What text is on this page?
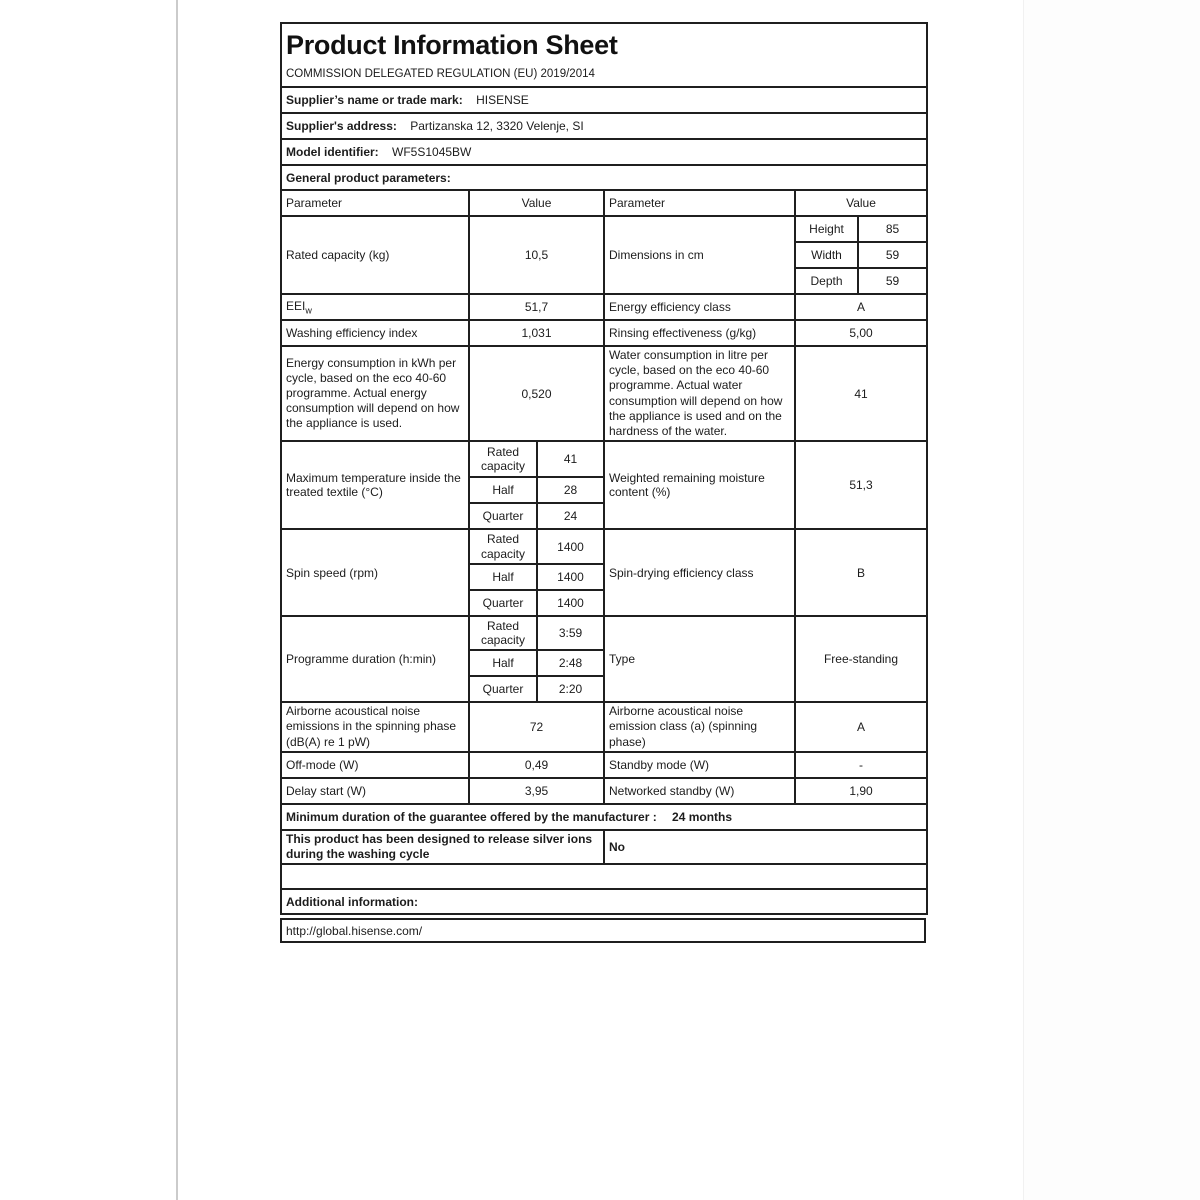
Product Information Sheet
COMMISSION DELEGATED REGULATION (EU) 2019/2014					

Supplier’s name or trade mark: HISENSE					
Supplier's address: Partizanska 12, 3320 Velenje, SI					
Model identifier: WF5S1045BW					
General product parameters:					
Parameter	Value		Parameter	Value	
Rated capacity (kg)	10,5		Dimensions in cm	Height	85
				Width	59
				Depth	59
$EEI_w$	51,7		Energy efficiency class	A	
Washing efficiency index	1,031		Rinsing effectiveness (g/kg)	5,00	
Energy consumption in kWh per cycle, based on the eco 40-60 programme. Actual energy consumption will depend on how the appliance is used.	0,520		Water consumption in litre per cycle, based on the eco 40-60 programme. Actual water consumption will depend on how the appliance is used and on the hardness of the water.	41	
Maximum temperature inside the treated textile (°C)	Rated capacity	41	Weighted remaining moisture content (%)	51,3	
	Half	28			
	Quarter	24			
Spin speed (rpm)	Rated capacity	1400	Spin-drying efficiency class	B	
	Half	1400			
	Quarter	1400			
Programme duration (h:min)	Rated capacity	3:59	Type	Free-standing	
	Half	2:48			
	Quarter	2:20			
Airborne acoustical noise emissions in the spinning phase (dB(A) re 1 pW)	72		Airborne acoustical noise emission class (a) (spinning phase)	A	
Off-mode (W)	0,49		Standby mode (W)	-	
Delay start (W)	3,95		Networked standby (W)	1,90	
Minimum duration of the guarantee offered by the manufacturer : 24 months					
This product has been designed to release silver ions during the washing cycle			No		

Additional information:					
http://global.hisense.com/
